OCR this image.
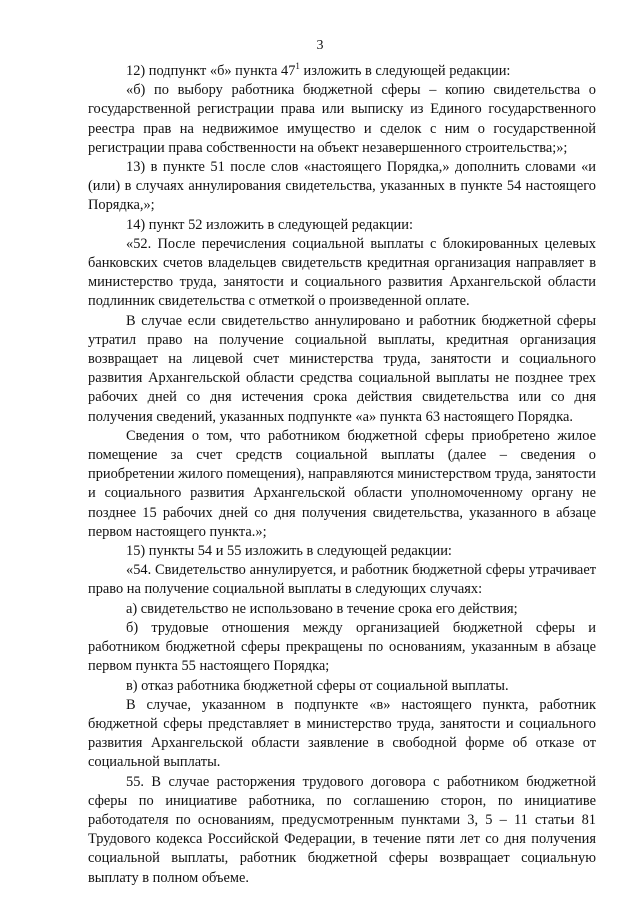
3

12) подпункт «б» пункта $47^1$ изложить в следующей редакции:

«б) по выбору работника бюджетной сферы – копию свидетельства о государственной регистрации права или выписку из Единого государственного реестра прав на недвижимое имущество и сделок с ним о государственной регистрации права собственности на объект незавершенного строительства;»;

13) в пункте 51 после слов «настоящего Порядка,» дополнить словами «и (или) в случаях аннулирования свидетельства, указанных в пункте 54 настоящего Порядка,»;

14) пункт 52 изложить в следующей редакции:

«52. После перечисления социальной выплаты с блокированных целевых банковских счетов владельцев свидетельств кредитная организация направляет в министерство труда, занятости и социального развития Архангельской области подлинник свидетельства с отметкой о произведенной оплате.

В случае если свидетельство аннулировано и работник бюджетной сферы утратил право на получение социальной выплаты, кредитная организация возвращает на лицевой счет министерства труда, занятости и социального развития Архангельской области средства социальной выплаты не позднее трех рабочих дней со дня истечения срока действия свидетельства или со дня получения сведений, указанных подпункте «а» пункта 63 настоящего Порядка.

Сведения о том, что работником бюджетной сферы приобретено жилое помещение за счет средств социальной выплаты (далее – сведения о приобретении жилого помещения), направляются министерством труда, занятости и социального развития Архангельской области уполномоченному органу не позднее 15 рабочих дней со дня получения свидетельства, указанного в абзаце первом настоящего пункта.»;

15) пункты 54 и 55 изложить в следующей редакции:

«54. Свидетельство аннулируется, и работник бюджетной сферы утрачивает право на получение социальной выплаты в следующих случаях:

а) свидетельство не использовано в течение срока его действия;

б) трудовые отношения между организацией бюджетной сферы и работником бюджетной сферы прекращены по основаниям, указанным в абзаце первом пункта 55 настоящего Порядка;

в) отказ работника бюджетной сферы от социальной выплаты.

В случае, указанном в подпункте «в» настоящего пункта, работник бюджетной сферы представляет в министерство труда, занятости и социального развития Архангельской области заявление в свободной форме об отказе от социальной выплаты.

55. В случае расторжения трудового договора с работником бюджетной сферы по инициативе работника, по соглашению сторон, по инициативе работодателя по основаниям, предусмотренным пунктами 3, 5 – 11 статьи 81 Трудового кодекса Российской Федерации, в течение пяти лет со дня получения социальной выплаты, работник бюджетной сферы возвращает социальную выплату в полном объеме.
